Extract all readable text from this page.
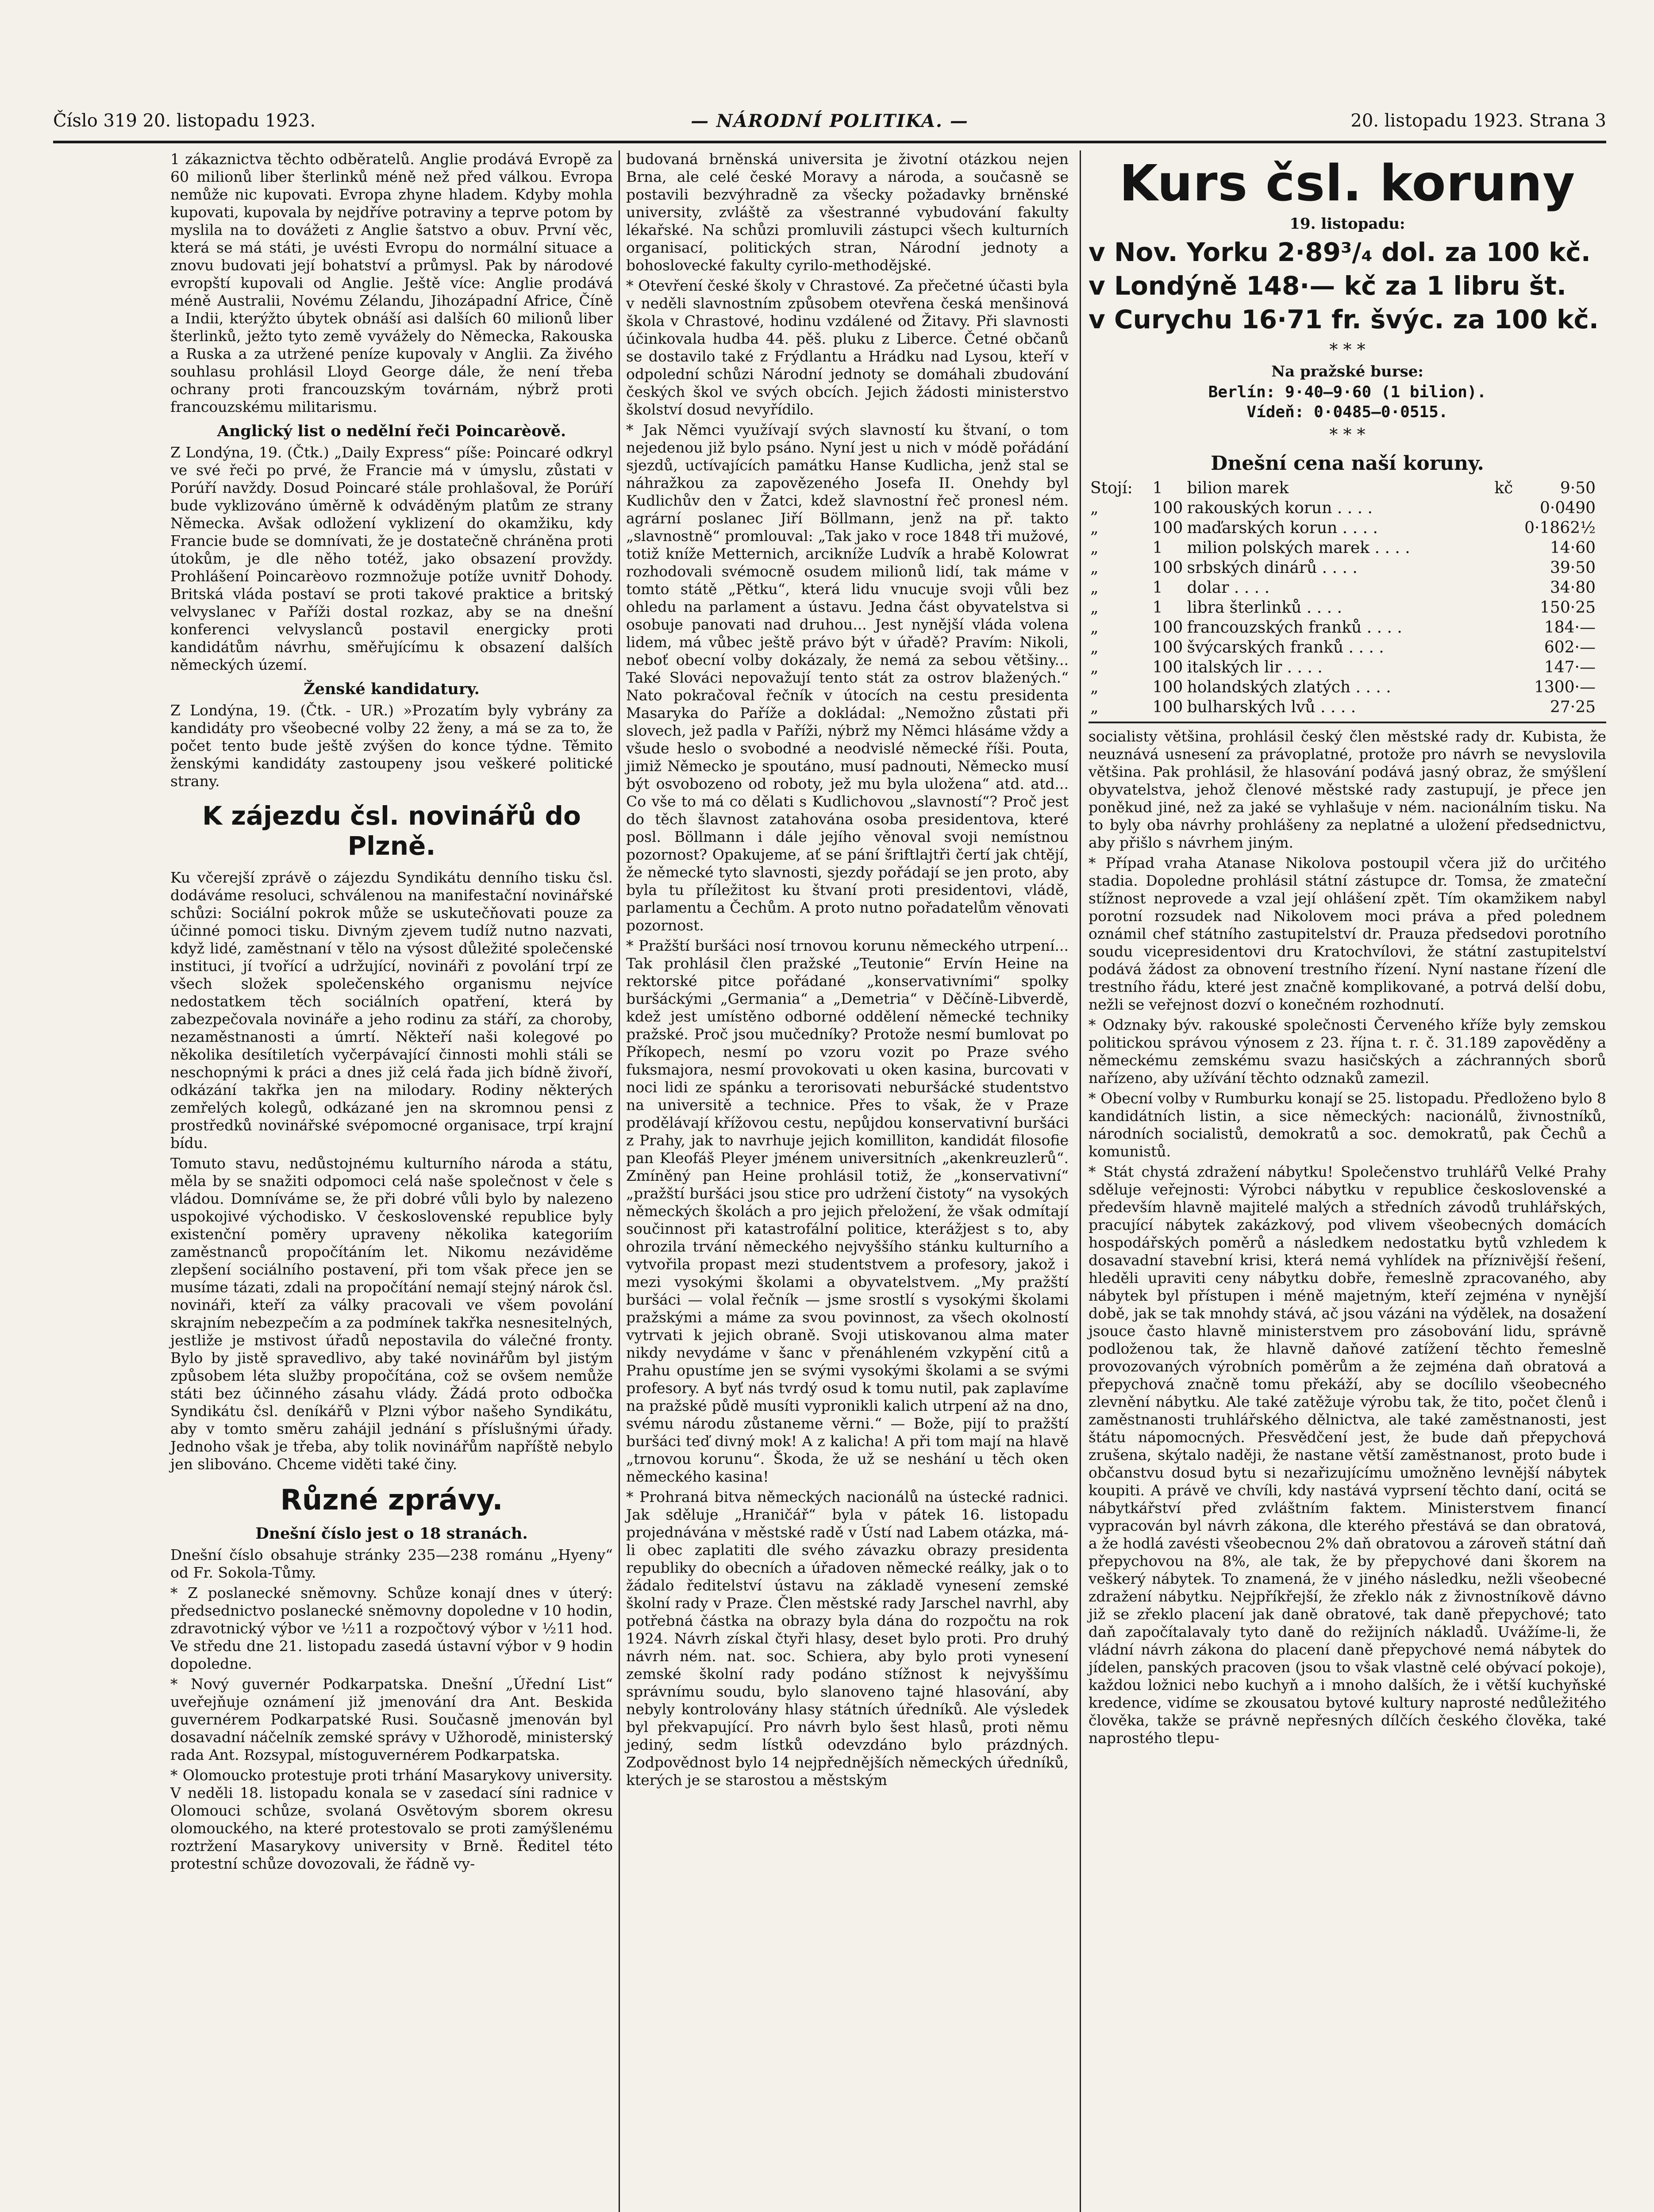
Číslo 319 20. listopadu 1923.	— NÁRODNÍ POLITIKA. —	20. listopadu 1923. Strana 3

1 zákaznictva těchto odběratelů. Anglie prodává Evropě za 60 milionů liber šterlinků méně než před válkou. Evropa nemůže nic kupovati. Evropa zhyne hladem. Kdyby mohla kupovati, kupovala by nejdříve potraviny a teprve potom by myslila na to dovážeti z Anglie šatstvo a obuv. První věc, která se má státi, je uvésti Evropu do normální situace a znovu budovati její bohatství a průmysl. Pak by národové evropští kupovali od Anglie. Ještě více: Anglie prodává méně Australii, Novému Zélandu, Jihozápadní Africe, Číně a Indii, kterýžto úbytek obnáší asi dalších 60 milionů liber šterlinků, ježto tyto země vyvážely do Německa, Rakouska a Ruska a za utržené peníze kupovaly v Anglii. Za živého souhlasu prohlásil Lloyd George dále, že není třeba ochrany proti francouzským továrnám, nýbrž proti francouzskému militarismu.

Anglický list o nedělní řeči Poincarèově.

Z Londýna, 19. (Čtk.) „Daily Express“ píše: Poincaré odkryl ve své řeči po prvé, že Francie má v úmyslu, zůstati v Porúří navždy. Dosud Poincaré stále prohlašoval, že Porúří bude vyklizováno úměrně k odváděným platům ze strany Německa. Avšak odložení vyklizení do okamžiku, kdy Francie bude se domnívati, že je dostatečně chráněna proti útokům, je dle něho totéž, jako obsazení provždy. Prohlášení Poincarèovo rozmnožuje potíže uvnitř Dohody. Britská vláda postaví se proti takové praktice a britský velvyslanec v Paříži dostal rozkaz, aby se na dnešní konferenci velvyslanců postavil energicky proti kandidátům návrhu, směřujícímu k obsazení dalších německých území.

Ženské kandidatury.

Z Londýna, 19. (Čtk. - UR.) »Prozatím byly vybrány za kandidáty pro všeobecné volby 22 ženy, a má se za to, že počet tento bude ještě zvýšen do konce týdne. Těmito ženskými kandidáty zastoupeny jsou veškeré politické strany.

K zájezdu čsl. novinářů do Plzně.

Ku včerejší zprávě o zájezdu Syndikátu denního tisku čsl. dodáváme resoluci, schválenou na manifestační novinářské schůzi: Sociální pokrok může se uskutečňovati pouze za účinné pomoci tisku. Divným zjevem tudíž nutno nazvati, když lidé, zaměstnaní v tělo na výsost důležité společenské instituci, jí tvořící a udržující, novináři z povolání trpí ze všech složek společenského organismu nejvíce nedostatkem těch sociálních opatření, která by zabezpečovala novináře a jeho rodinu za stáří, za choroby, nezaměstnanosti a úmrtí. Někteří naši kolegové po několika desítiletích vyčerpávající činnosti mohli stáli se neschopnými k práci a dnes již celá řada jich bídně živoří, odkázání takřka jen na milodary. Rodiny některých zemřelých kolegů, odkázané jen na skromnou pensi z prostředků novinářské svépomocné organisace, trpí krajní bídu.

Tomuto stavu, nedůstojnému kulturního národa a státu, měla by se snažiti odpomoci celá naše společnost v čele s vládou. Domníváme se, že při dobré vůli bylo by nalezeno uspokojivé východisko. V československé republice byly existenční poměry upraveny několika kategoriím zaměstnanců propočítáním let. Nikomu nezáviděme zlepšení sociálního postavení, při tom však přece jen se musíme tázati, zdali na propočítání nemají stejný nárok čsl. novináři, kteří za války pracovali ve všem povolání skrajním nebezpečím a za podmínek takřka nesnesitelných, jestliže je mstivost úřadů nepostavila do válečné fronty. Bylo by jistě spravedlivo, aby také novinářům byl jistým způsobem léta služby propočítána, což se ovšem nemůže státi bez účinného zásahu vlády. Žádá proto odbočka Syndikátu čsl. deníkářů v Plzni výbor našeho Syndikátu, aby v tomto směru zahájil jednání s příslušnými úřady. Jednoho však je třeba, aby tolik novinářům napříště nebylo jen slibováno. Chceme viděti také činy.

Různé zprávy.
Dnešní číslo jest o 18 stranách.

Dnešní číslo obsahuje stránky 235—238 románu „Hyeny“ od Fr. Sokola-Tůmy.

* Z poslanecké sněmovny. Schůze konají dnes v úterý: předsednictvo poslanecké sněmovny dopoledne v 10 hodin, zdravotnický výbor ve ½11 a rozpočtový výbor v ½11 hod. Ve středu dne 21. listopadu zasedá ústavní výbor v 9 hodin dopoledne.

* Nový guvernér Podkarpatska. Dnešní „Úřední List“ uveřejňuje oznámení již jmenování dra Ant. Beskida guvernérem Podkarpatské Rusi. Současně jmenován byl dosavadní náčelník zemské správy v Užhorodě, ministerský rada Ant. Rozsypal, místoguvernérem Podkarpatska.

* Olomoucko protestuje proti trhání Masarykovy university. V neděli 18. listopadu konala se v zasedací síni radnice v Olomouci schůze, svolaná Osvětovým sborem okresu olomouckého, na které protestovalo se proti zamýšlenému roztržení Masarykovy university v Brně. Ředitel této protestní schůze dovozovali, že řádně vy-

budovaná brněnská universita je životní otázkou nejen Brna, ale celé české Moravy a národa, a současně se postavili bezvýhradně za všecky požadavky brněnské university, zvláště za všestranné vybudování fakulty lékařské. Na schůzi promluvili zástupci všech kulturních organisací, politických stran, Národní jednoty a bohoslovecké fakulty cyrilo-methodějské.

* Otevření české školy v Chrastové. Za přečetné účasti byla v neděli slavnostním způsobem otevřena česká menšinová škola v Chrastové, hodinu vzdálené od Žitavy. Při slavnosti účinkovala hudba 44. pěš. pluku z Liberce. Četné občanů se dostavilo také z Frýdlantu a Hrádku nad Lysou, kteří v odpolední schůzi Národní jednoty se domáhali zbudování českých škol ve svých obcích. Jejich žádosti ministerstvo školství dosud nevyřídilo.

* Jak Němci využívají svých slavností ku štvaní, o tom nejedenou již bylo psáno. Nyní jest u nich v módě pořádání sjezdů, uctívajících památku Hanse Kudlicha, jenž stal se náhražkou za zapovězeného Josefa II. Onehdy byl Kudlichův den v Žatci, kdež slavnostní řeč pronesl ném. agrární poslanec Jiří Böllmann, jenž na př. takto „slavnostně“ promlouval: „Tak jako v roce 1848 tři mužové, totiž kníže Metternich, arcikníže Ludvík a hrabě Kolowrat rozhodovali svémocně osudem milionů lidí, tak máme v tomto státě „Pětku“, která lidu vnucuje svoji vůli bez ohledu na parlament a ústavu. Jedna část obyvatelstva si osobuje panovati nad druhou... Jest nynější vláda volena lidem, má vůbec ještě právo být v úřadě? Pravím: Nikoli, neboť obecní volby dokázaly, že nemá za sebou většiny... Také Slováci nepovažují tento stát za ostrov blažených.“ Nato pokračoval řečník v útocích na cestu presidenta Masaryka do Paříže a dokládal: „Nemožno zůstati při slovech, jež padla v Paříži, nýbrž my Němci hlásáme vždy a všude heslo o svobodné a neodvislé německé říši. Pouta, jimiž Německo je spoutáno, musí padnouti, Německo musí být osvobozeno od roboty, jež mu byla uložena“ atd. atd... Co vše to má co dělati s Kudlichovou „slavností“? Proč jest do těch šlavnost zatahována osoba presidentova, které posl. Böllmann i dále jejího věnoval svoji nemístnou pozornost? Opakujeme, ať se pání šriftlajtři čertí jak chtějí, že německé tyto slavnosti, sjezdy pořádají se jen proto, aby byla tu příležitost ku štvaní proti presidentovi, vládě, parlamentu a Čechům. A proto nutno pořadatelům věnovati pozornost.

* Pražští buršáci nosí trnovou korunu německého utrpení... Tak prohlásil člen pražské „Teutonie“ Ervín Heine na rektorské pitce pořádané „konservativními“ spolky buršáckými „Germania“ a „Demetria“ v Děčíně-Libverdě, kdež jest umístěno odborné oddělení německé techniky pražské. Proč jsou mučedníky? Protože nesmí bumlovat po Příkopech, nesmí po vzoru vozit po Praze svého fuksmajora, nesmí provokovati u oken kasina, burcovati v noci lidi ze spánku a terorisovati neburšácké studentstvo na universitě a technice. Přes to však, že v Praze prodělávají křížovou cestu, nepůjdou konservativní buršáci z Prahy, jak to navrhuje jejich komilliton, kandidát filosofie pan Kleofáš Pleyer jménem universitních „akenkreuzlerů“. Zmíněný pan Heine prohlásil totiž, že „konservativní“ „pražští buršáci jsou stice pro udržení čistoty“ na vysokých německých školách a pro jejich přeložení, že však odmítají součinnost při katastrofální politice, kterážjest s to, aby ohrozila trvání německého nejvyššího stánku kulturního a vytvořila propast mezi studentstvem a profesory, jakož i mezi vysokými školami a obyvatelstvem. „My pražští buršáci — volal řečník — jsme srostlí s vysokými školami pražskými a máme za svou povinnost, za všech okolností vytrvati k jejich obraně. Svoji utiskovanou alma mater nikdy nevydáme v šanc v přenáhleném vzkypění citů a Prahu opustíme jen se svými vysokými školami a se svými profesory. A byť nás tvrdý osud k tomu nutil, pak zaplavíme na pražské půdě musíti vypronikli kalich utrpení až na dno, svému národu zůstaneme věrni.“ — Bože, pijí to pražští buršáci teď divný mok! A z kalicha! A při tom mají na hlavě „trnovou korunu“. Škoda, že už se neshání u těch oken německého kasina!

* Prohraná bitva německých nacionálů na ústecké radnici. Jak sděluje „Hraničář“ byla v pátek 16. listopadu projednávána v městské radě v Ústí nad Labem otázka, má-li obec zaplatiti dle svého závazku obrazy presidenta republiky do obecních a úřadoven německé reálky, jak o to žádalo ředitelství ústavu na základě vynesení zemské školní rady v Praze. Člen městské rady Jarschel navrhl, aby potřebná částka na obrazy byla dána do rozpočtu na rok 1924. Návrh získal čtyři hlasy, deset bylo proti. Pro druhý návrh ném. nat. soc. Schiera, aby bylo proti vynesení zemské školní rady podáno stížnost k nejvyššímu správnímu soudu, bylo slanoveno tajné hlasování, aby nebyly kontrolovány hlasy státních úředníků. Ale výsledek byl překvapující. Pro návrh bylo šest hlasů, proti němu jediný, sedm lístků odevzdáno bylo prázdných. Zodpovědnost bylo 14 nejpřednějších německých úředníků, kterých je se starostou a městským

Kurs čsl. koruny
19. listopadu:
v Nov. Yorku 2·89³/₄ dol. za 100 kč.
v Londýně 148·— kč za 1 libru št.
v Curychu 16·71 fr. švýc. za 100 kč.
* * *
Na pražské burse:
Berlín: 9·40—9·60 (1 bilion).
Vídeň: 0·0485—0·0515.
* * *
Dnešní cena naší koruny.
Stojí:	1	bilion marek	kč	9·50
„	100	rakouských korun . . . .		0·0490
„	100	maďarských korun . . . .		0·1862½
„	1	milion polských marek . . . .		14·60
„	100	srbských dinárů . . . .		39·50
„	1	dolar . . . .		34·80
„	1	libra šterlinků . . . .		150·25
„	100	francouzských franků . . . .		184·—
„	100	švýcarských franků . . . .		602·—
„	100	italských lir . . . .		147·—
„	100	holandských zlatých . . . .		1300·—
„	100	bulharských lvů . . . .		27·25

socialisty většina, prohlásil český člen městské rady dr. Kubista, že neuznává usnesení za právoplatné, protože pro návrh se nevyslovila většina. Pak prohlásil, že hlasování podává jasný obraz, že smýšlení obyvatelstva, jehož členové městské rady zastupují, je přece jen poněkud jiné, než za jaké se vyhlašuje v ném. nacionálním tisku. Na to byly oba návrhy prohlášeny za neplatné a uložení předsednictvu, aby přišlo s návrhem jiným.

* Případ vraha Atanase Nikolova postoupil včera již do určitého stadia. Dopoledne prohlásil státní zástupce dr. Tomsa, že zmateční stížnost neprovede a vzal její ohlášení zpět. Tím okamžikem nabyl porotní rozsudek nad Nikolovem moci práva a před polednem oznámil chef státního zastupitelství dr. Prauza předsedovi porotního soudu vicepresidentovi dru Kratochvílovi, že státní zastupitelství podává žádost za obnovení trestního řízení. Nyní nastane řízení dle trestního řádu, které jest značně komplikované, a potrvá delší dobu, nežli se veřejnost dozví o konečném rozhodnutí.

* Odznaky býv. rakouské společnosti Červeného kříže byly zemskou politickou správou výnosem z 23. října t. r. č. 31.189 zapověděny a německému zemskému svazu hasičských a záchranných sborů nařízeno, aby užívání těchto odznaků zamezil.

* Obecní volby v Rumburku konají se 25. listopadu. Předloženo bylo 8 kandidátních listin, a sice německých: nacionálů, živnostníků, národních socialistů, demokratů a soc. demokratů, pak Čechů a komunistů.

* Stát chystá zdražení nábytku! Společenstvo truhlářů Velké Prahy sděluje veřejnosti: Výrobci nábytku v republice československé a především hlavně majitelé malých a středních závodů truhlářských, pracující nábytek zakázkový, pod vlivem všeobecných domácích hospodářských poměrů a následkem nedostatku bytů vzhledem k dosavadní stavební krisi, která nemá vyhlídek na příznivější řešení, hleděli upraviti ceny nábytku dobře, řemeslně zpracovaného, aby nábytek byl přístupen i méně majetným, kteří zejména v nynější době, jak se tak mnohdy stává, ač jsou vázáni na výdělek, na dosažení jsouce často hlavně ministerstvem pro zásobování lidu, správně podloženou tak, že hlavně daňové zatížení těchto řemeslně provozovaných výrobních poměrům a že zejména daň obratová a přepychová značně tomu překáží, aby se docílilo všeobecného zlevnění nábytku. Ale také zatěžuje výrobu tak, že tito, počet členů i zaměstnanosti truhlářského dělnictva, ale také zaměstnanosti, jest štátu nápomocných. Přesvědčení jest, že bude daň přepychová zrušena, skýtalo naději, že nastane větší zaměstnanost, proto bude i občanstvu dosud bytu si nezařizujícímu umožněno levnější nábytek koupiti. A právě ve chvíli, kdy nastává vyprsení těchto daní, ocitá se nábytkářství před zvláštním faktem. Ministerstvem financí vypracován byl návrh zákona, dle kterého přestává se dan obratová, a že hodlá zavésti všeobecnou 2% daň obratovou a zároveň státní daň přepychovou na 8%, ale tak, že by přepychové dani škorem na veškerý nábytek. To znamená, že v jiného následku, nežli všeobecné zdražení nábytku. Nejpříkřejší, že zřeklo nák z živnostníkově dávno již se zřeklo placení jak daně obratové, tak daně přepychové; tato daň započítalavaly tyto daně do režijních nákladů. Uvážíme-li, že vládní návrh zákona do placení daně přepychové nemá nábytek do jídelen, panských pracoven (jsou to však vlastně celé obývací pokoje), každou ložnici nebo kuchyň a i mnoho dalších, že i větší kuchyňské kredence, vidíme se zkousatou bytové kultury naprosté nedůležitého člověka, takže se právně nepřesných dílčích českého člověka, také naprostého tlepu-
